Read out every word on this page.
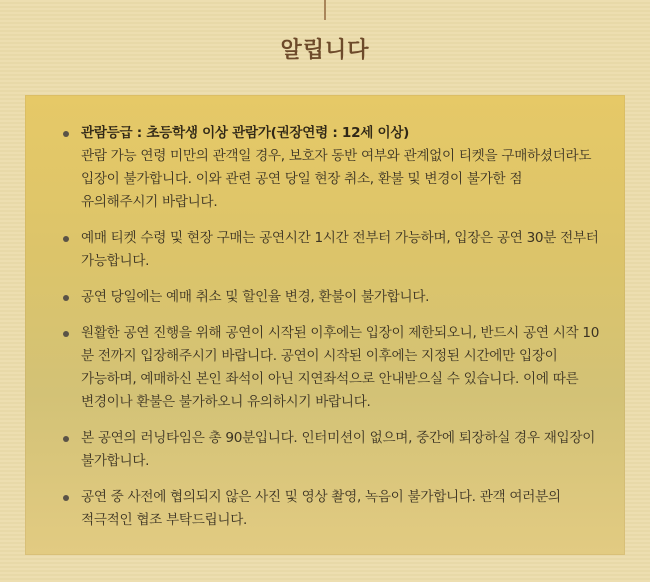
알립니다
관람등급 : 초등학생 이상 관람가(권장연령 : 12세 이상)
관람 가능 연령 미만의 관객일 경우, 보호자 동반 여부와 관계없이 티켓을 구매하셨더라도
입장이 불가합니다. 이와 관련 공연 당일 현장 취소, 환불 및 변경이 불가한 점
유의해주시기 바랍니다.
예매 티켓 수령 및 현장 구매는 공연시간 1시간 전부터 가능하며, 입장은 공연 30분 전부터
가능합니다.
공연 당일에는 예매 취소 및 할인율 변경, 환불이 불가합니다.
원활한 공연 진행을 위해 공연이 시작된 이후에는 입장이 제한되오니, 반드시 공연 시작 10
분 전까지 입장해주시기 바랍니다. 공연이 시작된 이후에는 지정된 시간에만 입장이
가능하며, 예매하신 본인 좌석이 아닌 지연좌석으로 안내받으실 수 있습니다. 이에 따른
변경이나 환불은 불가하오니 유의하시기 바랍니다.
본 공연의 러닝타임은 총 90분입니다. 인터미션이 없으며, 중간에 퇴장하실 경우 재입장이
불가합니다.
공연 중 사전에 협의되지 않은 사진 및 영상 촬영, 녹음이 불가합니다. 관객 여러분의
적극적인 협조 부탁드립니다.
